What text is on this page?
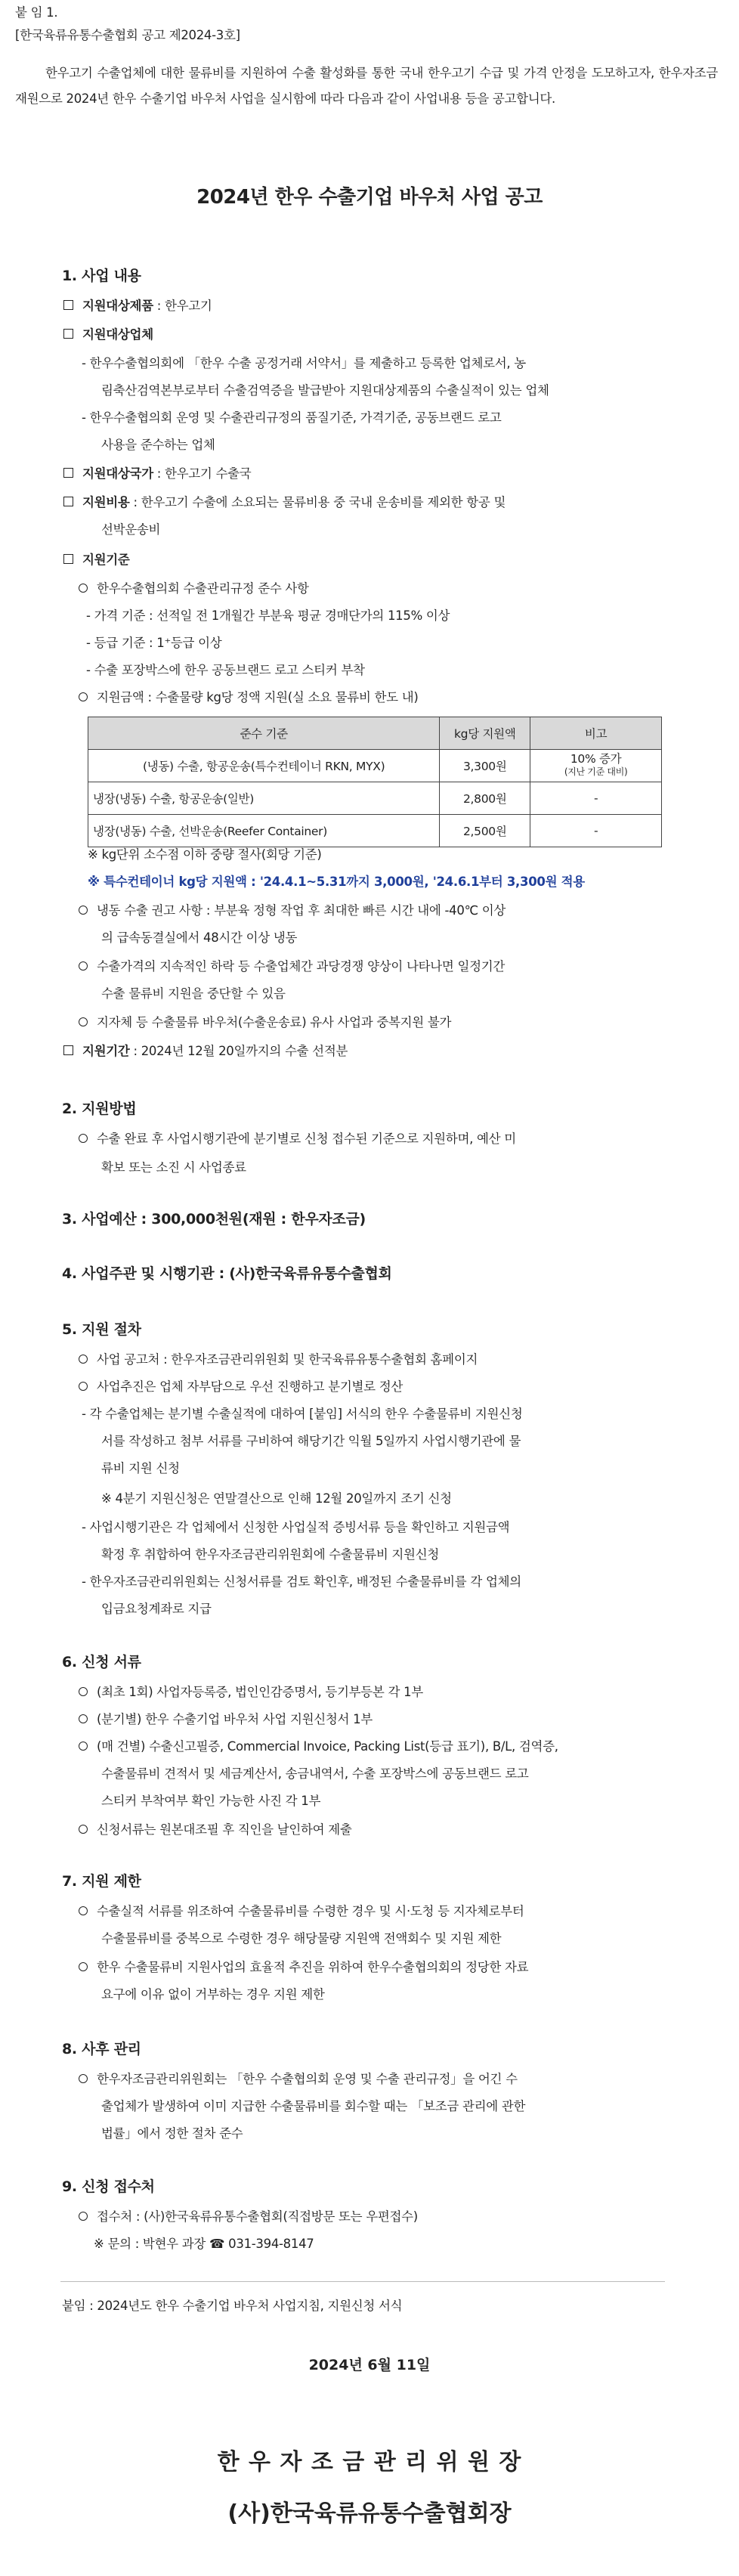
붙 임 1.
[한국육류유통수출협회 공고 제2024-3호]
한우고기 수출업체에 대한 물류비를 지원하여 수출 활성화를 통한 국내 한우고기 수급 및 가격 안정을 도모하고자, 한우자조금 재원으로 2024년 한우 수출기업 바우처 사업을 실시함에 따라 다음과 같이 사업내용 등을 공고합니다.
2024년 한우 수출기업 바우처 사업 공고
1. 사업 내용
지원대상제품 : 한우고기
지원대상업체
- 한우수출협의회에 「한우 수출 공정거래 서약서」를 제출하고 등록한 업체로서, 농
림축산검역본부로부터 수출검역증을 발급받아 지원대상제품의 수출실적이 있는 업체
- 한우수출협의회 운영 및 수출관리규정의 품질기준, 가격기준, 공동브랜드 로고
사용을 준수하는 업체
지원대상국가 : 한우고기 수출국
지원비용 : 한우고기 수출에 소요되는 물류비용 중 국내 운송비를 제외한 항공 및
선박운송비
지원기준
한우수출협의회 수출관리규정 준수 사항
- 가격 기준 : 선적일 전 1개월간 부분육 평균 경매단가의 115% 이상
- 등급 기준 : 1⁺등급 이상
- 수출 포장박스에 한우 공동브랜드 로고 스티커 부착
지원금액 : 수출물량 kg당 정액 지원(실 소요 물류비 한도 내)
준수 기준	kg당 지원액	비고
(냉동) 수출, 항공운송(특수컨테이너 RKN, MYX)	3,300원	10% 증가
(지난 기준 대비)

냉장(냉동) 수출, 항공운송(일반)	2,800원	-
냉장(냉동) 수출, 선박운송(Reefer Container)	2,500원	-
※ kg단위 소수점 이하 중량 절사(회당 기준)
※ 특수컨테이너 kg당 지원액 : '24.4.1~5.31까지 3,000원, '24.6.1부터 3,300원 적용
냉동 수출 권고 사항 : 부분육 정형 작업 후 최대한 빠른 시간 내에 -40℃ 이상
의 급속동결실에서 48시간 이상 냉동
수출가격의 지속적인 하락 등 수출업체간 과당경쟁 양상이 나타나면 일정기간
수출 물류비 지원을 중단할 수 있음
지자체 등 수출물류 바우처(수출운송료) 유사 사업과 중복지원 불가
지원기간 : 2024년 12월 20일까지의 수출 선적분
2. 지원방법
수출 완료 후 사업시행기관에 분기별로 신청 접수된 기준으로 지원하며, 예산 미
확보 또는 소진 시 사업종료
3. 사업예산 : 300,000천원(재원 : 한우자조금)
4. 사업주관 및 시행기관 : (사)한국육류유통수출협회
5. 지원 절차
사업 공고처 : 한우자조금관리위원회 및 한국육류유통수출협회 홈페이지
사업추진은 업체 자부담으로 우선 진행하고 분기별로 정산
- 각 수출업체는 분기별 수출실적에 대하여 [붙임] 서식의 한우 수출물류비 지원신청
서를 작성하고 첨부 서류를 구비하여 해당기간 익월 5일까지 사업시행기관에 물
류비 지원 신청
※ 4분기 지원신청은 연말결산으로 인해 12월 20일까지 조기 신청
- 사업시행기관은 각 업체에서 신청한 사업실적 증빙서류 등을 확인하고 지원금액
확정 후 취합하여 한우자조금관리위원회에 수출물류비 지원신청
- 한우자조금관리위원회는 신청서류를 검토 확인후, 배정된 수출물류비를 각 업체의
입금요청계좌로 지급
6. 신청 서류
(최초 1회) 사업자등록증, 법인인감증명서, 등기부등본 각 1부
(분기별) 한우 수출기업 바우처 사업 지원신청서 1부
(매 건별) 수출신고필증, Commercial Invoice, Packing List(등급 표기), B/L, 검역증,
수출물류비 견적서 및 세금계산서, 송금내역서, 수출 포장박스에 공동브랜드 로고
스티커 부착여부 확인 가능한 사진 각 1부
신청서류는 원본대조필 후 직인을 날인하여 제출
7. 지원 제한
수출실적 서류를 위조하여 수출물류비를 수령한 경우 및 시·도청 등 지자체로부터
수출물류비를 중복으로 수령한 경우 해당물량 지원액 전액회수 및 지원 제한
한우 수출물류비 지원사업의 효율적 추진을 위하여 한우수출협의회의 정당한 자료
요구에 이유 없이 거부하는 경우 지원 제한
8. 사후 관리
한우자조금관리위원회는 「한우 수출협의회 운영 및 수출 관리규정」을 어긴 수
출업체가 발생하여 이미 지급한 수출물류비를 회수할 때는 「보조금 관리에 관한
법률」에서 정한 절차 준수
9. 신청 접수처
접수처 : (사)한국육류유통수출협회(직접방문 또는 우편접수)
※ 문의 : 박현우 과장 ☎ 031-394-8147
붙임 : 2024년도 한우 수출기업 바우처 사업지침, 지원신청 서식
2024년 6월 11일
한 우 자 조 금 관 리 위 원 장
(사)한국육류유통수출협회장
